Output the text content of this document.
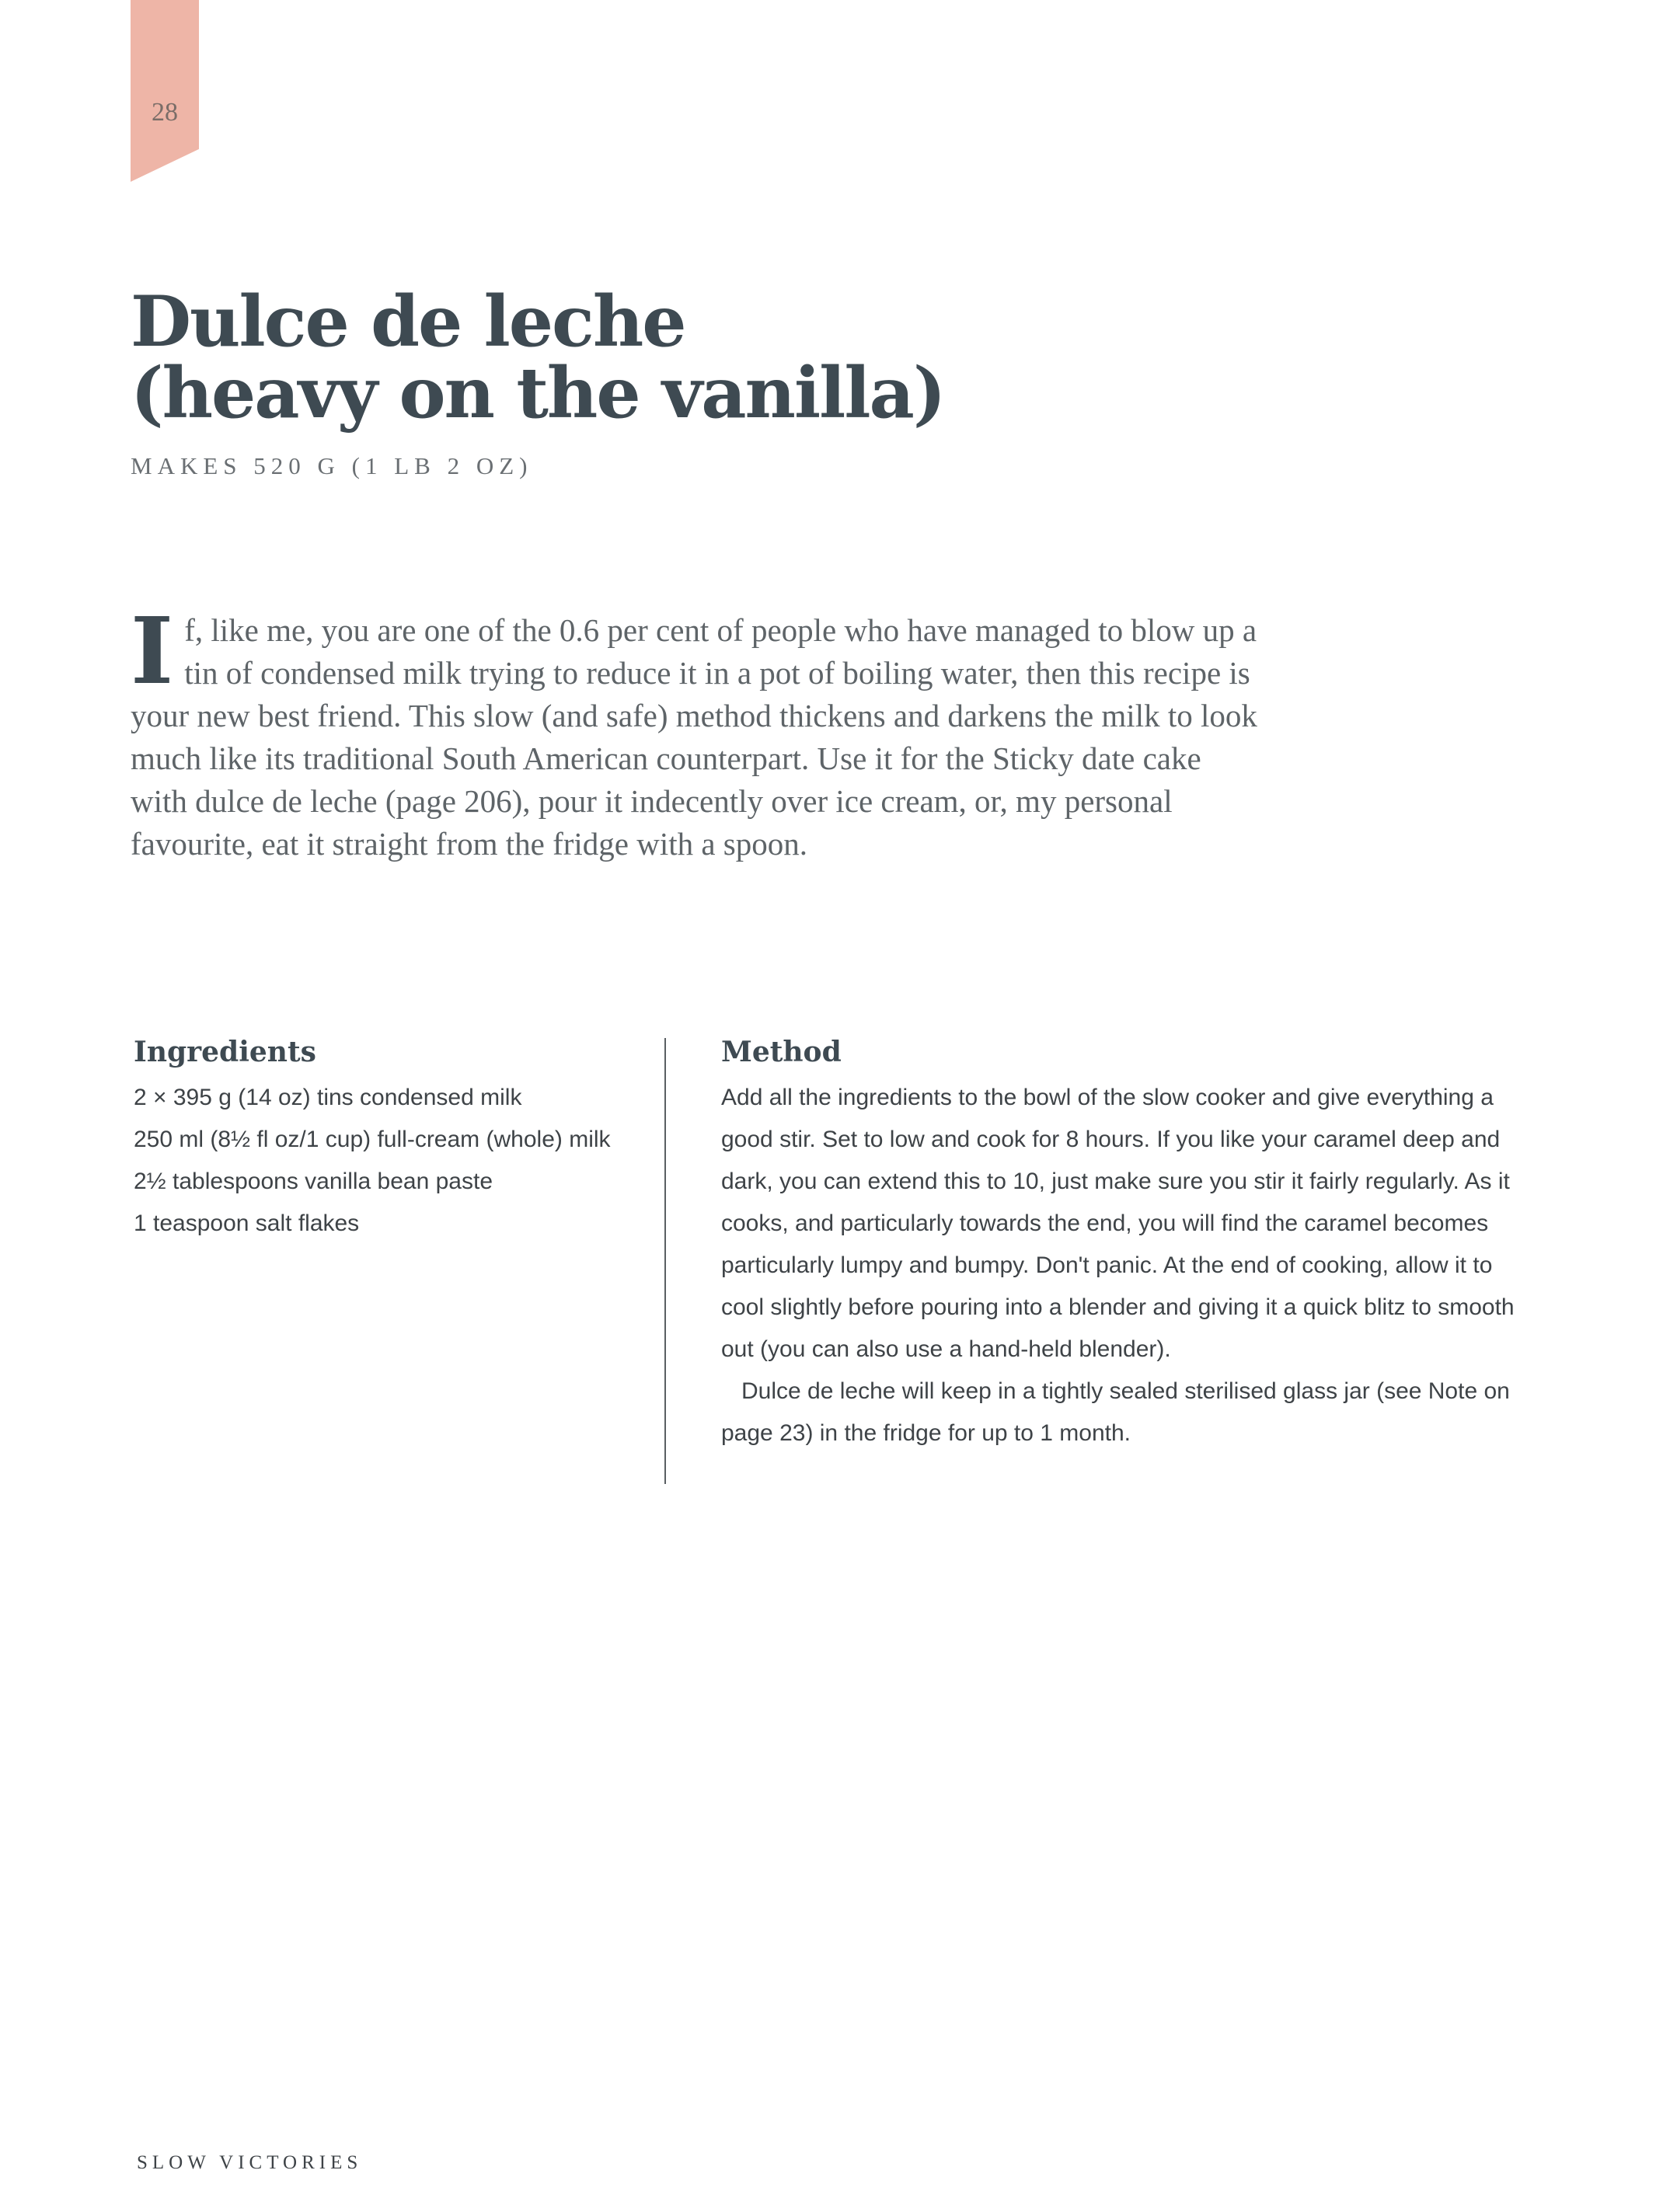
28
Dulce de leche
(heavy on the vanilla)
MAKES 520 G (1 LB 2 OZ)

I f, like me, you are one of the 0.6 per cent of people who have managed to blow up a tin of condensed milk trying to reduce it in a pot of boiling water, then this recipe is your new best friend. This slow (and safe) method thickens and darkens the milk to look much like its traditional South American counterpart. Use it for the Sticky date cake with dulce de leche (page 206), pour it indecently over ice cream, or, my personal favourite, eat it straight from the fridge with a spoon.

Ingredients
2 × 395 g (14 oz) tins condensed milk
250 ml (8½ fl oz/1 cup) full-cream (whole) milk
2½ tablespoons vanilla bean paste
1 teaspoon salt flakes
Method

Add all the ingredients to the bowl of the slow cooker and give everything a good stir. Set to low and cook for 8 hours. If you like your caramel deep and dark, you can extend this to 10, just make sure you stir it fairly regularly. As it cooks, and particularly towards the end, you will find the caramel becomes particularly lumpy and bumpy. Don't panic. At the end of cooking, allow it to cool slightly before pouring into a blender and giving it a quick blitz to smooth out (you can also use a hand-held blender).

Dulce de leche will keep in a tightly sealed sterilised glass jar (see Note on page 23) in the fridge for up to 1 month.

SLOW VICTORIES
